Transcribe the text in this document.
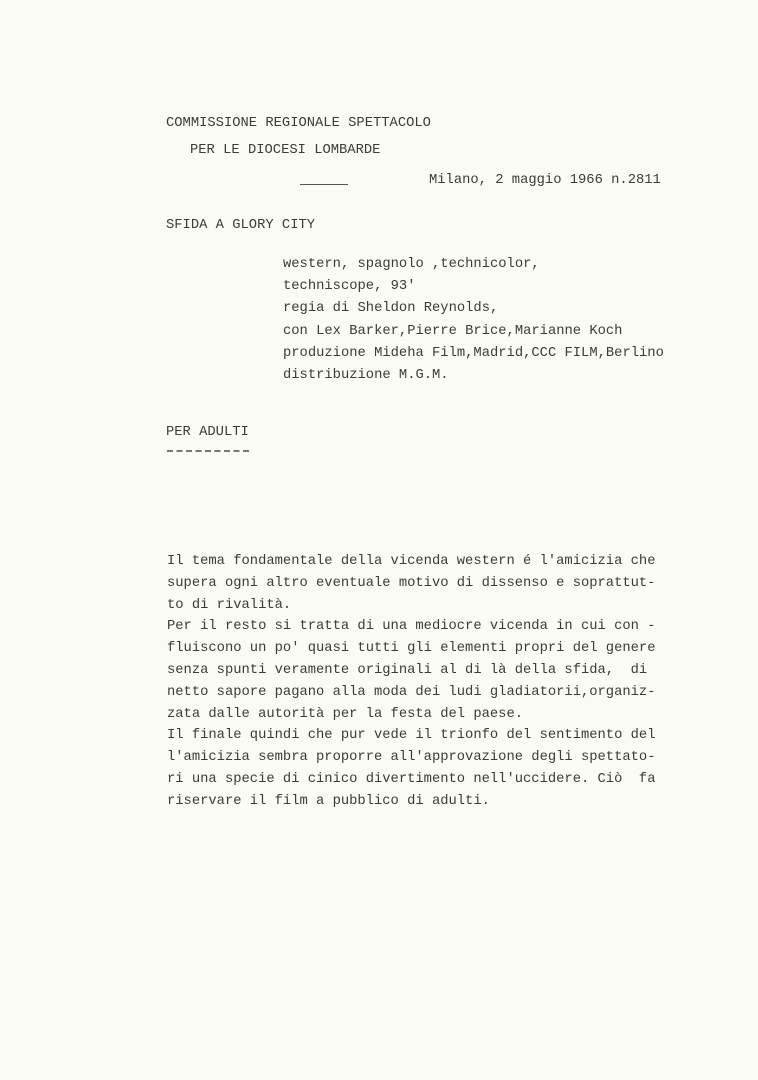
COMMISSIONE REGIONALE SPETTACOLO
PER LE DIOCESI LOMBARDE
Milano, 2 maggio 1966 n.2811
SFIDA A GLORY CITY
western, spagnolo ,technicolor,
techniscope, 93'
regia di Sheldon Reynolds,
con Lex Barker,Pierre Brice,Marianne Koch
produzione Mideha Film,Madrid,CCC FILM,Berlino
distribuzione M.G.M.
PER ADULTI
Il tema fondamentale della vicenda western é l'amicizia che
supera ogni altro eventuale motivo di dissenso e soprattut-
to di rivalità.
Per il resto si tratta di una mediocre vicenda in cui con -
fluiscono un po' quasi tutti gli elementi propri del genere
senza spunti veramente originali al di là della sfida,  di
netto sapore pagano alla moda dei ludi gladiatorii,organiz-
zata dalle autorità per la festa del paese.
Il finale quindi che pur vede il trionfo del sentimento del
l'amicizia sembra proporre all'approvazione degli spettato-
ri una specie di cinico divertimento nell'uccidere. Ciò  fa
riservare il film a pubblico di adulti.
